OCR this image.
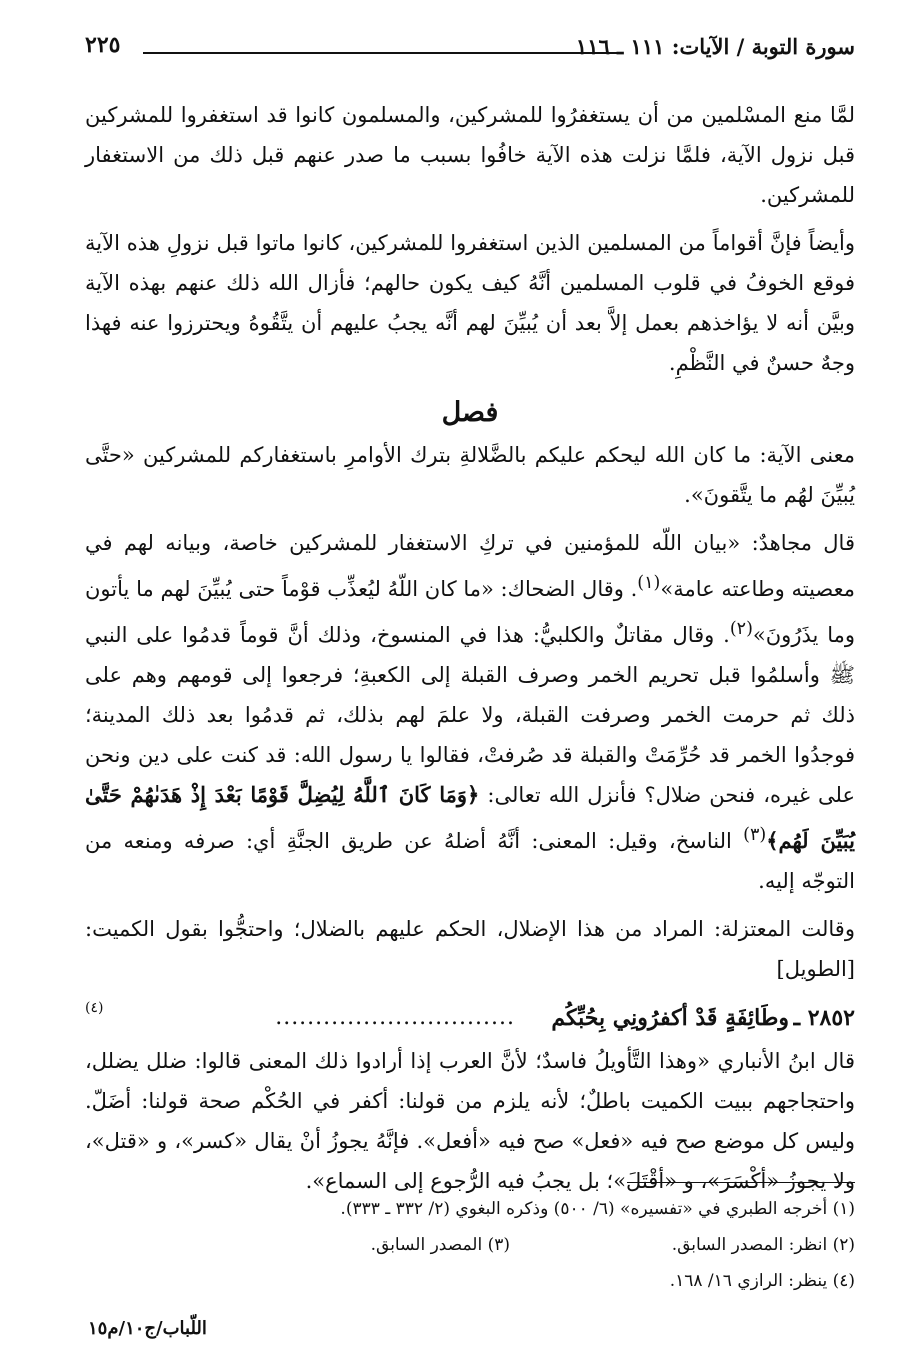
سورة التوبة / الآيات: ١١١ ـ ١١٦
٢٢٥

لمَّا منع المسْلمين من أن يستغفرُوا للمشركين، والمسلمون كانوا قد استغفروا للمشركين قبل نزول الآية، فلمَّا نزلت هذه الآية خافُوا بسبب ما صدر عنهم قبل ذلك من الاستغفار للمشركين.

وأيضاً فإنَّ أقواماً من المسلمين الذين استغفروا للمشركين، كانوا ماتوا قبل نزولِ هذه الآية فوقع الخوفُ في قلوب المسلمين أنَّهُ كيف يكون حالهم؛ فأزال الله ذلك عنهم بهذه الآية وبيَّن أنه لا يؤاخذهم بعمل إلاَّ بعد أن يُبيِّنَ لهم أنَّه يجبُ عليهم أن يتَّقُوهُ ويحترزوا عنه فهذا وجهٌ حسنٌ في النَّظْمِ.

فصل

معنى الآية: ما كان الله ليحكم عليكم بالضَّلالةِ بترك الأوامرِ باستغفاركم للمشركين «حتَّى يُبيِّنَ لهُم ما يتَّقونَ».

قال مجاهدٌ: «بيان اللّه للمؤمنين في تركِ الاستغفار للمشركين خاصة، وبيانه لهم في معصيته وطاعته عامة»$^{(١)}$. وقال الضحاك: «ما كان اللّهُ ليُعذِّب قوْماً حتى يُبيِّنَ لهم ما يأتون وما يذَرُونَ»$^{(٢)}$. وقال مقاتلٌ والكلبيُّ: هذا في المنسوخ، وذلك أنَّ قوماً قدمُوا على النبي ﷺ وأسلمُوا قبل تحريم الخمر وصرف القبلة إلى الكعبةِ؛ فرجعوا إلى قومهم وهم على ذلك ثم حرمت الخمر وصرفت القبلة، ولا علمَ لهم بذلك، ثم قدمُوا بعد ذلك المدينة؛ فوجدُوا الخمر قد حُرِّمَتْ والقبلة قد صُرفتْ، فقالوا يا رسول الله: قد كنت على دين ونحن على غيره، فنحن ضلال؟ فأنزل الله تعالى: ﴿وَمَا كَانَ ٱللَّهُ لِيُضِلَّ قَوْمًا بَعْدَ إِذْ هَدَىٰهُمْ حَتَّىٰ يُبَيِّنَ لَهُم﴾$^{(٣)}$ الناسخ، وقيل: المعنى: أنَّهُ أضلهُ عن طريق الجنَّةِ أي: صرفه ومنعه من التوجّه إليه.

وقالت المعتزلة: المراد من هذا الإضلال، الحكم عليهم بالضلال؛ واحتجُّوا بقول الكميت: [الطويل]

٢٨٥٢ ـ
وطَائِفَةٍ قَدْ أكفرُونِي بِحُبِّكُم
..............................
(٤)

قال ابنُ الأنباري «وهذا التَّأويلُ فاسدٌ؛ لأنَّ العرب إذا أرادوا ذلك المعنى قالوا: ضلل يضلل، واحتجاجهم ببيت الكميت باطلٌ؛ لأنه يلزم من قولنا: أكفر في الحُكْم صحة قولنا: أضَلّ. وليس كل موضع صح فيه «فعل» صح فيه «أفعل». فإنَّهُ يجوزُ أنْ يقال «كسر»، و «قتل»، ولا يجوزُ «أكْسَرَ»، و «أقْتَلَ»؛ بل يجبُ فيه الرُّجوع إلى السماع».

(١) أخرجه الطبري في «تفسيره» (٦/ ٥٠٠) وذكره البغوي (٢/ ٣٣٢ ـ ٣٣٣).
(٢) انظر: المصدر السابق.
(٣) المصدر السابق.
(٤) ينظر: الرازي ١٦/ ١٦٨.
اللّباب/ج١٠/م١٥
